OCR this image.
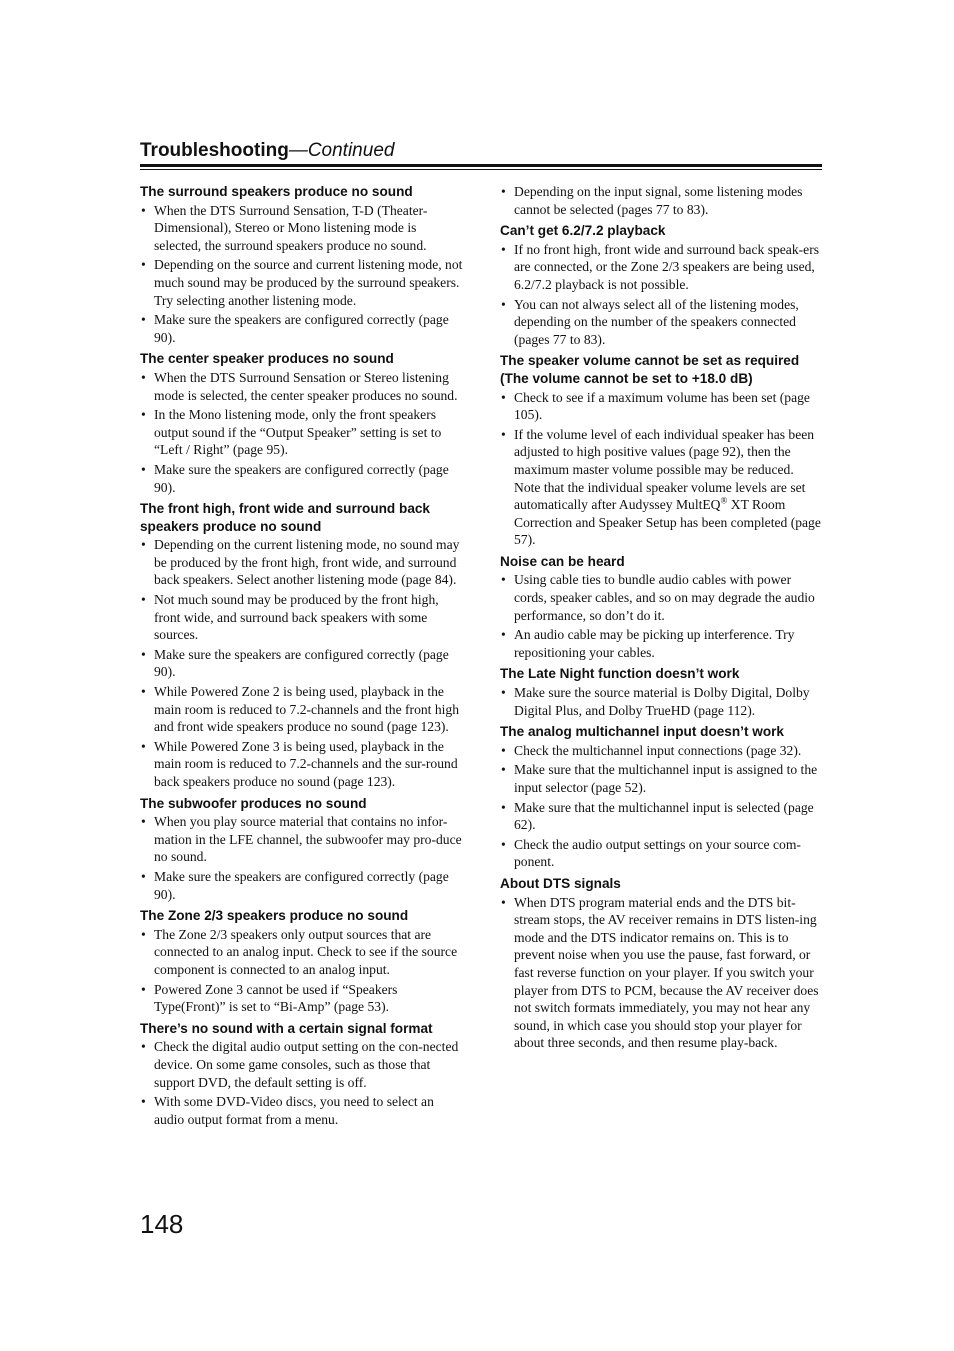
Troubleshooting—Continued
The surround speakers produce no sound
• When the DTS Surround Sensation, T-D (Theater-Dimensional), Stereo or Mono listening mode is selected, the surround speakers produce no sound.
• Depending on the source and current listening mode, not much sound may be produced by the surround speakers. Try selecting another listening mode.
• Make sure the speakers are configured correctly (page 90).
The center speaker produces no sound
• When the DTS Surround Sensation or Stereo listening mode is selected, the center speaker produces no sound.
• In the Mono listening mode, only the front speakers output sound if the “Output Speaker” setting is set to “Left / Right” (page 95).
• Make sure the speakers are configured correctly (page 90).
The front high, front wide and surround back speakers produce no sound
• Depending on the current listening mode, no sound may be produced by the front high, front wide, and surround back speakers. Select another listening mode (page 84).
• Not much sound may be produced by the front high, front wide, and surround back speakers with some sources.
• Make sure the speakers are configured correctly (page 90).
• While Powered Zone 2 is being used, playback in the main room is reduced to 7.2-channels and the front high and front wide speakers produce no sound (page 123).
• While Powered Zone 3 is being used, playback in the main room is reduced to 7.2-channels and the sur-round back speakers produce no sound (page 123).
The subwoofer produces no sound
• When you play source material that contains no infor-mation in the LFE channel, the subwoofer may pro-duce no sound.
• Make sure the speakers are configured correctly (page 90).
The Zone 2/3 speakers produce no sound
• The Zone 2/3 speakers only output sources that are connected to an analog input. Check to see if the source component is connected to an analog input.
• Powered Zone 3 cannot be used if “Speakers Type(Front)” is set to “Bi-Amp” (page 53).
There’s no sound with a certain signal format
• Check the digital audio output setting on the con-nected device. On some game consoles, such as those that support DVD, the default setting is off.
• With some DVD-Video discs, you need to select an audio output format from a menu.
• Depending on the input signal, some listening modes cannot be selected (pages 77 to 83).
Can’t get 6.2/7.2 playback
• If no front high, front wide and surround back speak-ers are connected, or the Zone 2/3 speakers are being used, 6.2/7.2 playback is not possible.
• You can not always select all of the listening modes, depending on the number of the speakers connected (pages 77 to 83).
The speaker volume cannot be set as required (The volume cannot be set to +18.0 dB)
• Check to see if a maximum volume has been set (page 105).
• If the volume level of each individual speaker has been adjusted to high positive values (page 92), then the maximum master volume possible may be reduced. Note that the individual speaker volume levels are set automatically after Audyssey MultEQ® XT Room Correction and Speaker Setup has been completed (page 57).
Noise can be heard
• Using cable ties to bundle audio cables with power cords, speaker cables, and so on may degrade the audio performance, so don’t do it.
• An audio cable may be picking up interference. Try repositioning your cables.
The Late Night function doesn’t work
• Make sure the source material is Dolby Digital, Dolby Digital Plus, and Dolby TrueHD (page 112).
The analog multichannel input doesn’t work
• Check the multichannel input connections (page 32).
• Make sure that the multichannel input is assigned to the input selector (page 52).
• Make sure that the multichannel input is selected (page 62).
• Check the audio output settings on your source com-ponent.
About DTS signals
• When DTS program material ends and the DTS bit-stream stops, the AV receiver remains in DTS listen-ing mode and the DTS indicator remains on. This is to prevent noise when you use the pause, fast forward, or fast reverse function on your player. If you switch your player from DTS to PCM, because the AV receiver does not switch formats immediately, you may not hear any sound, in which case you should stop your player for about three seconds, and then resume play-back.
148
